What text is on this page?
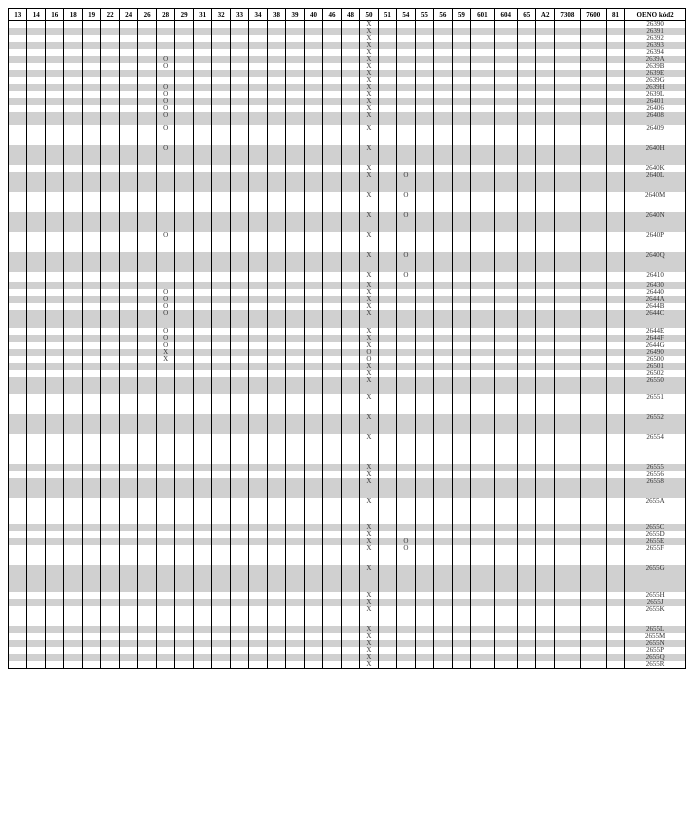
13	14	16	18	19	22	24	26	28	29	31	32	33	34	38	39	40	46	48	50	51	54	55	56	59	601	604	65	A2	7308	7600	81	OENO kód2
																			X													26390
																			X													26391
																			X													26392
																			X													26393
																			X													26394
								O											X													2639A
								O											X													2639B
																			X													2639E
																			X													2639G
								O											X													2639H
								O											X													2639L
								O											X													26401
								O											X													26406
								O											X													26408
								O											X													26409
								O											X													2640H
																			X													2640K
																			X		O											2640L
																			X		O											2640M
																			X		O											2640N
								O											X													2640P
																			X		O											2640Q
																			X		O											26410
																			X													26430
								O											X													26440
								O											X													2644A
								O											X													2644B
								O											X													2644C
								O											X													2644E
								O											X													2644F
								O											X													2644G
								X											O													26490
								X											O													26500
																			X													26501
																			X													26502
																			X													26550
																			X													26551
																			X													26552
																			X													26554
																			X													26555
																			X													26556
																			X													26558
																			X													2655A
																			X													2655C
																			X													2655D
																			X		O											2655E
																			X		O											2655F
																			X													2655G
																			X													2655H
																			X													2655J
																			X													2655K
																			X													2655L
																			X													2655M
																			X													2655N
																			X													2655P
																			X													2655Q
																			X													2655R
